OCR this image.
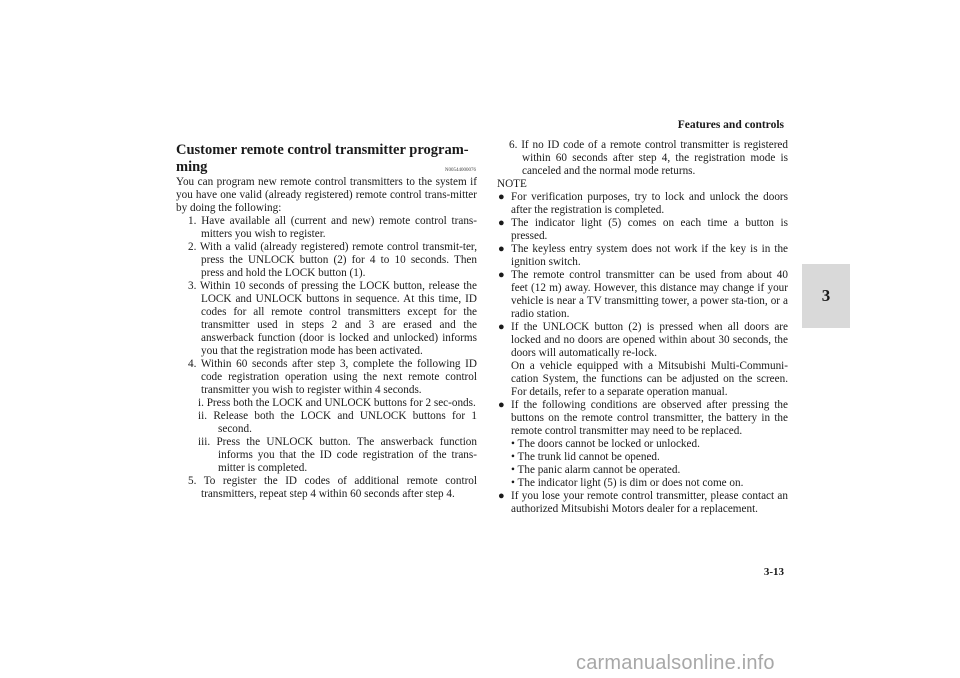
Features and controls
3
Customer remote control transmitter program-ming	N00544000076

You can program new remote control transmitters to the system if you have one valid (already registered) remote control trans-mitter by doing the following:

1. Have available all (current and new) remote control trans-mitters you wish to register.

2. With a valid (already registered) remote control transmit-ter, press the UNLOCK button (2) for 4 to 10 seconds. Then press and hold the LOCK button (1).

3. Within 10 seconds of pressing the LOCK button, release the LOCK and UNLOCK buttons in sequence. At this time, ID codes for all remote control transmitters except for the transmitter used in steps 2 and 3 are erased and the answerback function (door is locked and unlocked) informs you that the registration mode has been activated.

4. Within 60 seconds after step 3, complete the following ID code registration operation using the next remote control transmitter you wish to register within 4 seconds.

i. Press both the LOCK and UNLOCK buttons for 2 sec-onds.

ii. Release both the LOCK and UNLOCK buttons for 1 second.

iii. Press the UNLOCK button. The answerback function informs you that the ID code registration of the trans-mitter is completed.

5. To register the ID codes of additional remote control transmitters, repeat step 4 within 60 seconds after step 4.

6. If no ID code of a remote control transmitter is registered within 60 seconds after step 4, the registration mode is canceled and the normal mode returns.

NOTE

● For verification purposes, try to lock and unlock the doors after the registration is completed.

● The indicator light (5) comes on each time a button is pressed.

● The keyless entry system does not work if the key is in the ignition switch.

● The remote control transmitter can be used from about 40 feet (12 m) away. However, this distance may change if your vehicle is near a TV transmitting tower, a power sta-tion, or a radio station.

● If the UNLOCK button (2) is pressed when all doors are locked and no doors are opened within about 30 seconds, the doors will automatically re-lock.

On a vehicle equipped with a Mitsubishi Multi-Communi-cation System, the functions can be adjusted on the screen. For details, refer to a separate operation manual.

● If the following conditions are observed after pressing the buttons on the remote control transmitter, the battery in the remote control transmitter may need to be replaced.

• The doors cannot be locked or unlocked.

• The trunk lid cannot be opened.

• The panic alarm cannot be operated.

• The indicator light (5) is dim or does not come on.

● If you lose your remote control transmitter, please contact an authorized Mitsubishi Motors dealer for a replacement.

3-13
carmanualsonline.info
